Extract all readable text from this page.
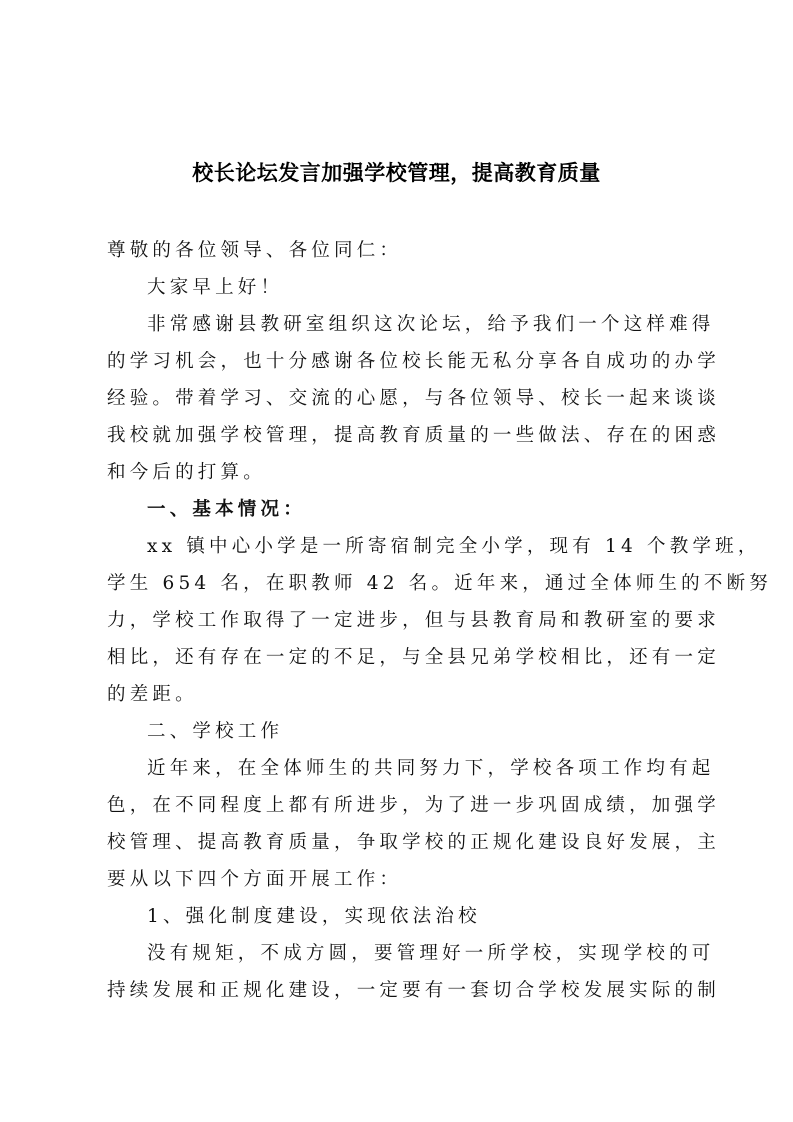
校长论坛发言加强学校管理，提高教育质量
尊敬的各位领导、各位同仁：
大家早上好！
非常感谢县教研室组织这次论坛，给予我们一个这样难得
的学习机会，也十分感谢各位校长能无私分享各自成功的办学
经验。带着学习、交流的心愿，与各位领导、校长一起来谈谈
我校就加强学校管理，提高教育质量的一些做法、存在的困惑
和今后的打算。
一、基本情况：
xx 镇中心小学是一所寄宿制完全小学，现有 14 个教学班，
学生 654 名，在职教师 42 名。近年来，通过全体师生的不断努
力，学校工作取得了一定进步，但与县教育局和教研室的要求
相比，还有存在一定的不足，与全县兄弟学校相比，还有一定
的差距。
二、学校工作
近年来，在全体师生的共同努力下，学校各项工作均有起
色，在不同程度上都有所进步，为了进一步巩固成绩，加强学
校管理、提高教育质量，争取学校的正规化建设良好发展，主
要从以下四个方面开展工作：
1、强化制度建设，实现依法治校
没有规矩，不成方圆，要管理好一所学校，实现学校的可
持续发展和正规化建设，一定要有一套切合学校发展实际的制
